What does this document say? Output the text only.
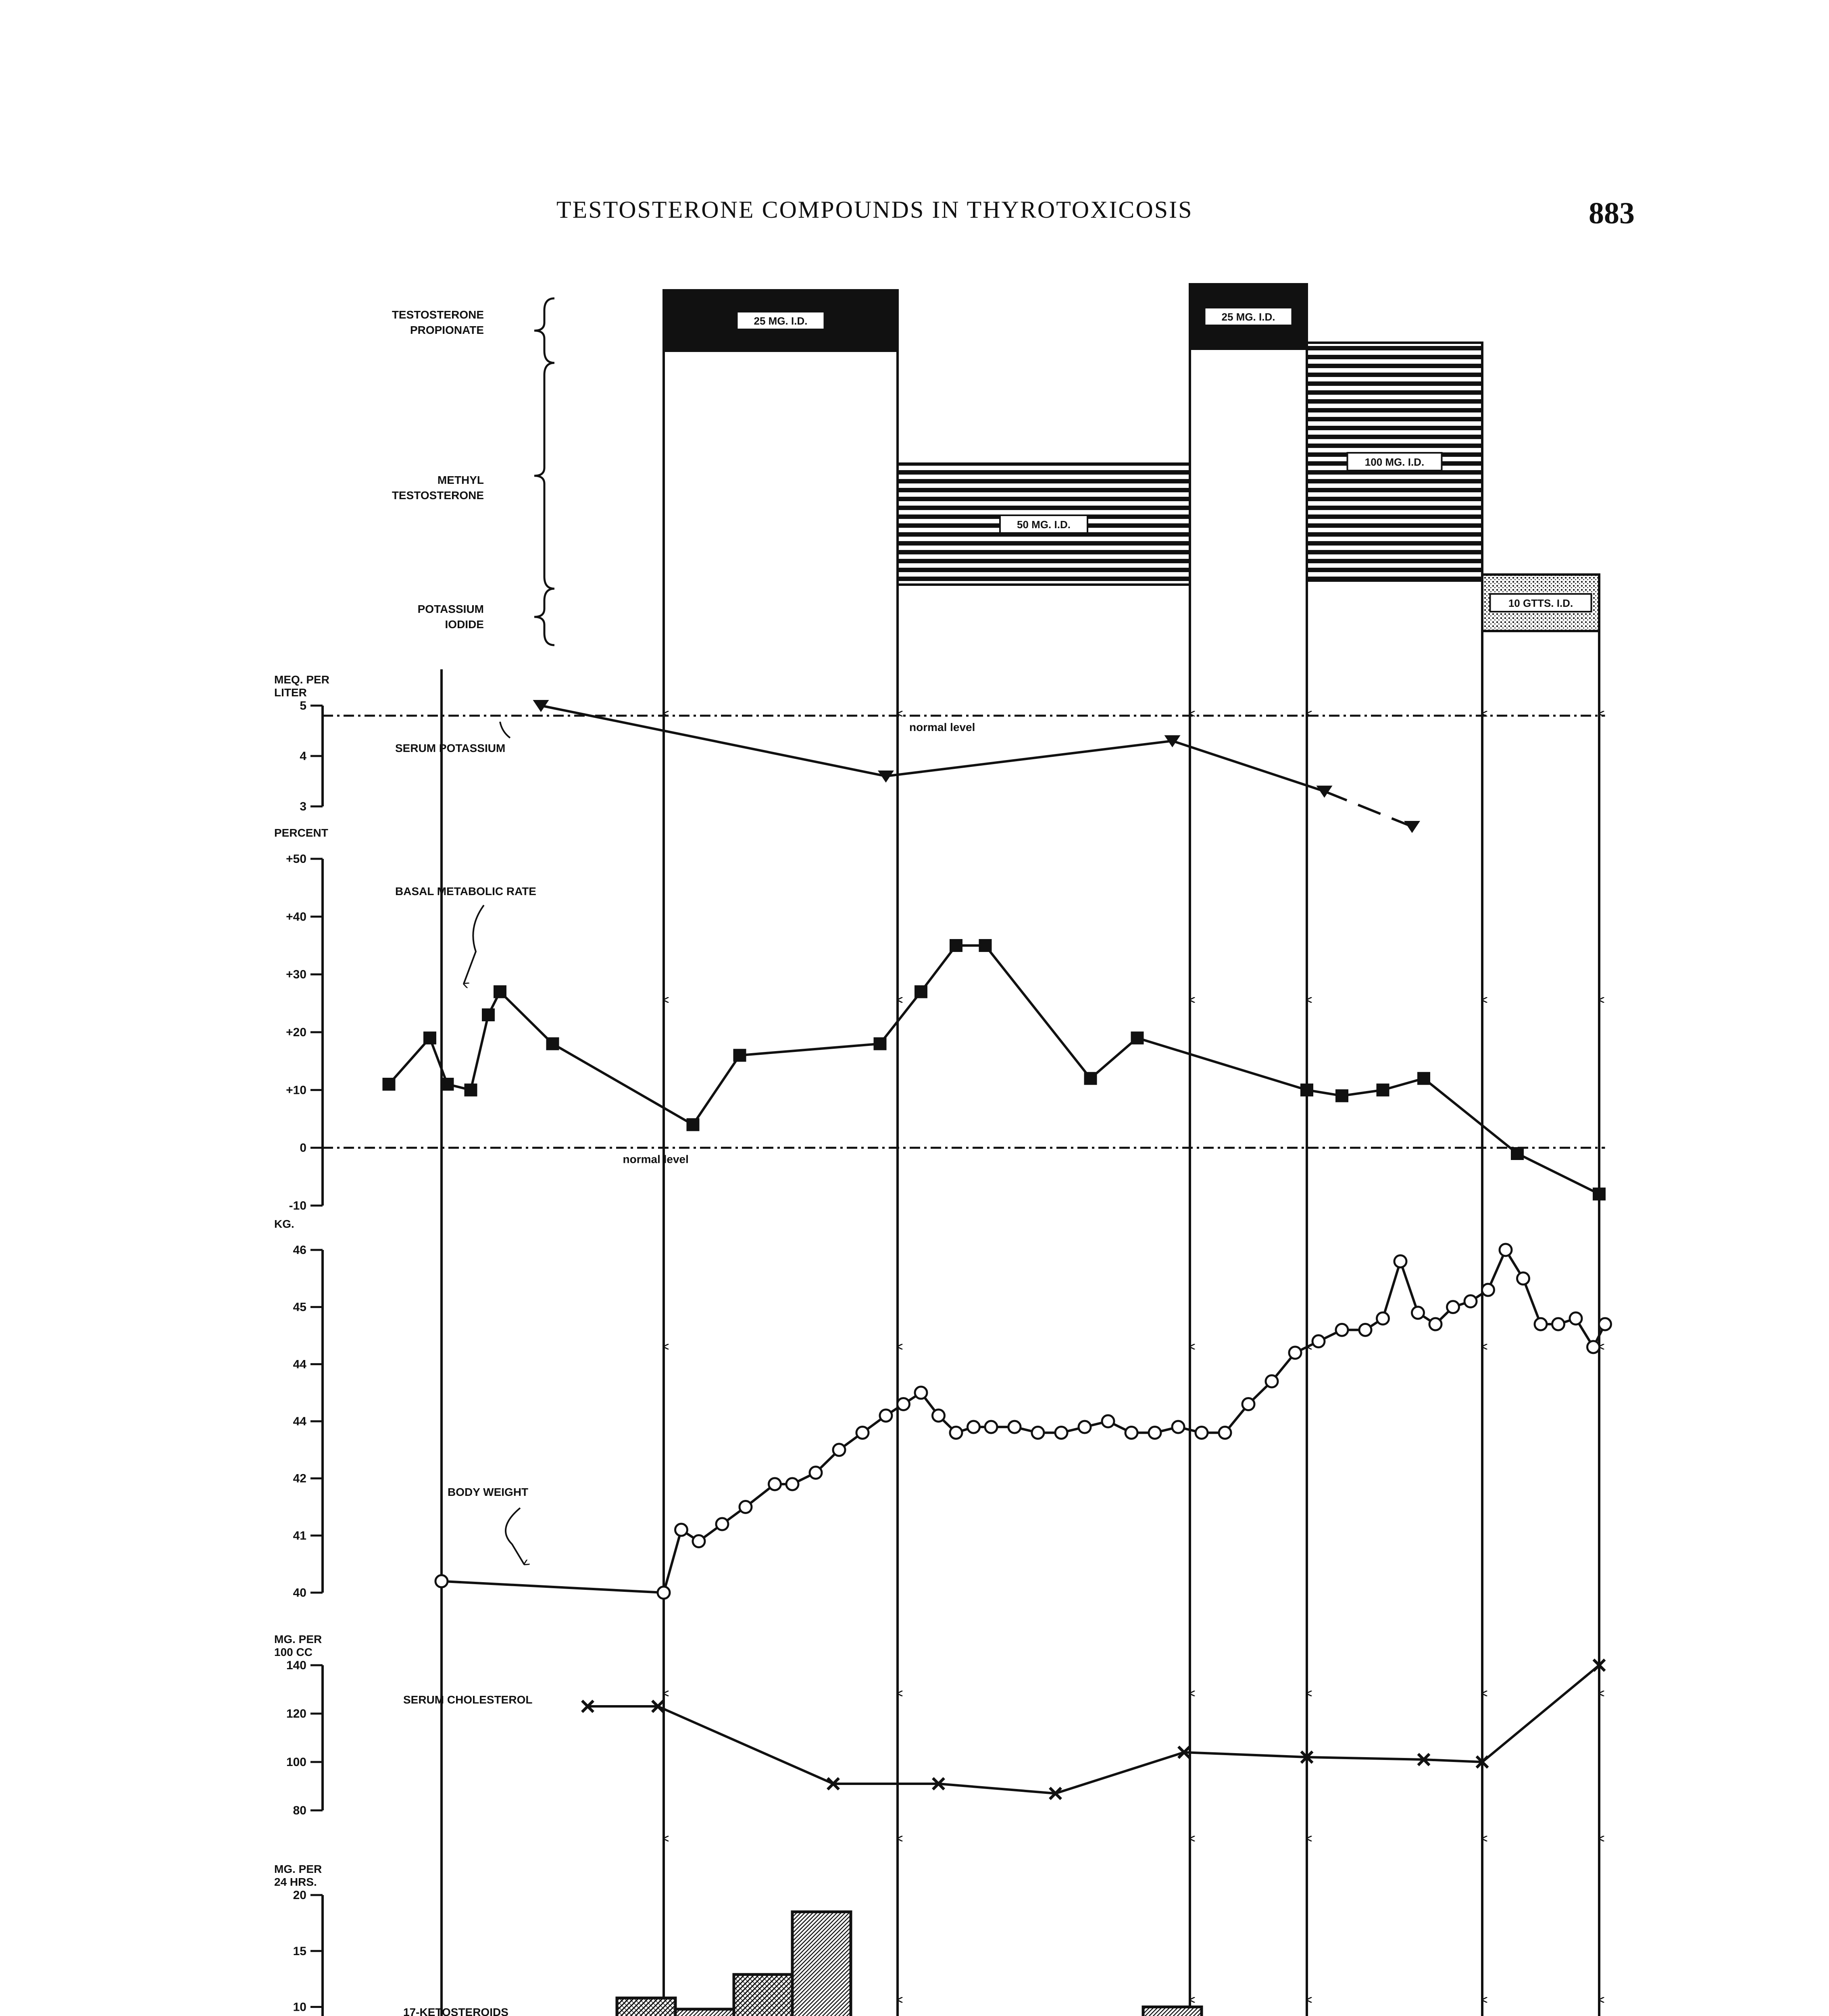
TESTOSTERONE COMPOUNDS IN THYROTOXICOSIS	883
25 MG. I.D.
50 MG. I.D.
25 MG. I.D.
100 MG. I.D.
10 GTTS. I.D.
TESTOSTERONE
PROPIONATE
METHYL
TESTOSTERONE
POTASSIUM
IODIDE
3
4
5
MEQ. PER
LITER
normal level
SERUM POTASSIUM
-10
0
+10
+20
+30
+40
+50
PERCENT
normal level
BASAL METABOLIC RATE
40
41
42
44
44
45
46
KG.
BODY WEIGHT
80
100
120
140
MG. PER
100 CC
SERUM CHOLESTEROL
10
15
20
MG. PER
24 HRS.
17-KETOSTEROIDS
